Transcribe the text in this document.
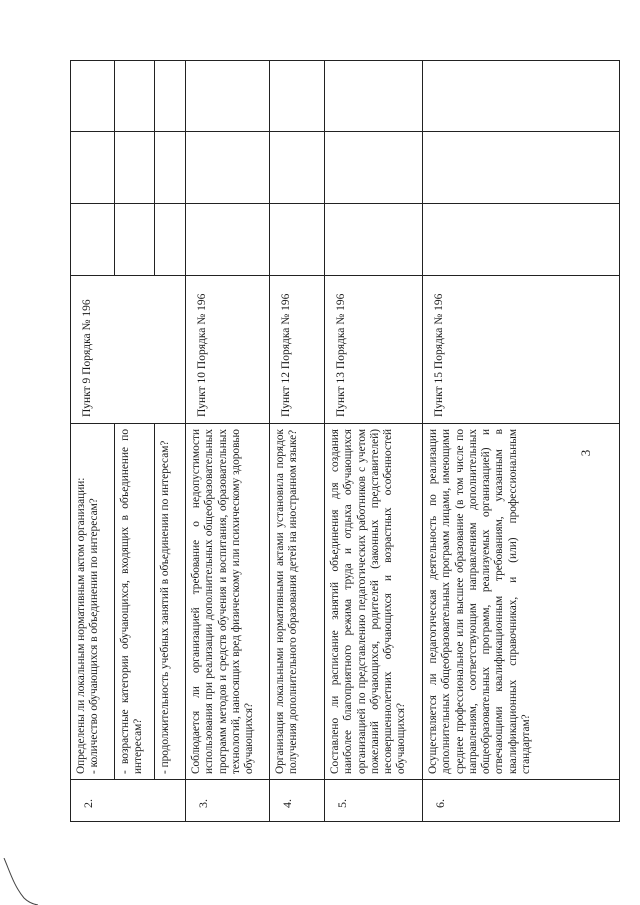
3
2.

Определены ли локальным нормативным актом организации: - количество обучающихся в объединении по интересам? - возрастные категории обучающихся, входящих в объединение по интересам? - продолжительность учебных занятий в объединении по интересам?

Пункт 9 Порядка № 196
3.

Соблюдается ли организацией требование о недопустимости использования при реализации дополнительных общеобразовательных программ методов и средств обучения и воспитания, образовательных технологий, наносящих вред физическому или психическому здоровью обучающихся?

Пункт 10 Порядка № 196
4.

Организация локальными нормативными актами установила порядок получения дополнительного образования детей на иностранном языке?

Пункт 12 Порядка № 196
5.

Составлено ли расписание занятий объединения для создания наиболее благоприятного режима труда и отдыха обучающихся организацией по представлению педагогических работников с учетом пожеланий обучающихся, родителей (законных представителей) несовершеннолетних обучающихся и возрастных особенностей обучающихся?

Пункт 13 Порядка № 196
6.

Осуществляется ли педагогическая деятельность по реализации дополнительных общеобразовательных программ лицами, имеющими среднее профессиональное или высшее образование (в том числе по направлениям, соответствующим направлениям дополнительных общеобразовательных программ, реализуемых организацией) и отвечающими квалификационным требованиям, указанным в квалификационных справочниках, и (или) профессиональным стандартам?

Пункт 15 Порядка № 196
